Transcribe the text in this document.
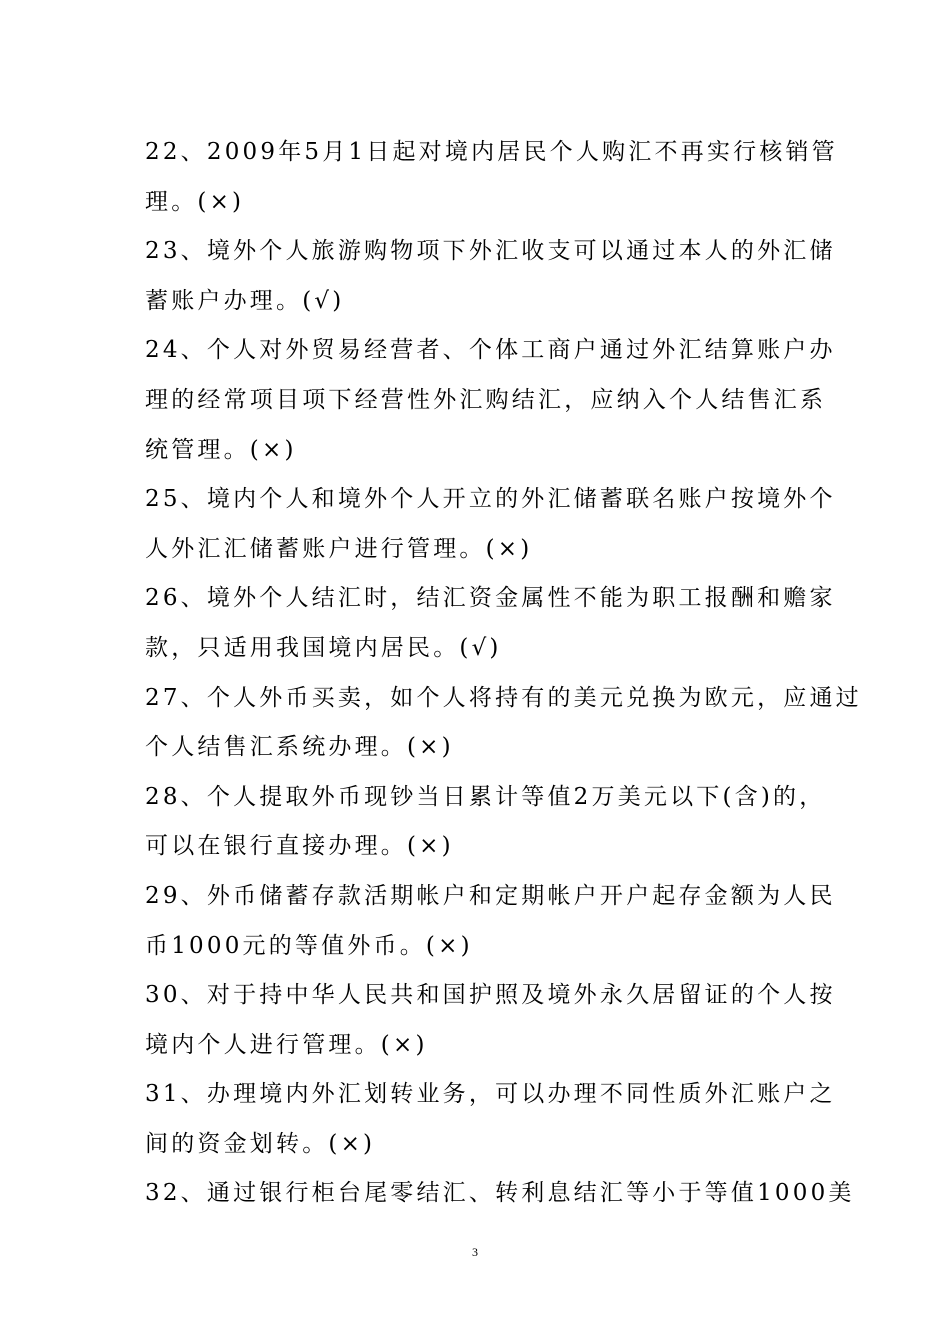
22、2009年5月1日起对境内居民个人购汇不再实行核销管
理。(×)
23、境外个人旅游购物项下外汇收支可以通过本人的外汇储
蓄账户办理。(√)
24、个人对外贸易经营者、个体工商户通过外汇结算账户办
理的经常项目项下经营性外汇购结汇，应纳入个人结售汇系
统管理。(×)
25、境内个人和境外个人开立的外汇储蓄联名账户按境外个
人外汇汇储蓄账户进行管理。(×)
26、境外个人结汇时，结汇资金属性不能为职工报酬和赡家
款，只适用我国境内居民。(√)
27、个人外币买卖，如个人将持有的美元兑换为欧元，应通过
个人结售汇系统办理。(×)
28、个人提取外币现钞当日累计等值2万美元以下(含)的，
可以在银行直接办理。(×)
29、外币储蓄存款活期帐户和定期帐户开户起存金额为人民
币1000元的等值外币。(×)
30、对于持中华人民共和国护照及境外永久居留证的个人按
境内个人进行管理。(×)
31、办理境内外汇划转业务，可以办理不同性质外汇账户之
间的资金划转。(×)
32、通过银行柜台尾零结汇、转利息结汇等小于等值1000美
3
